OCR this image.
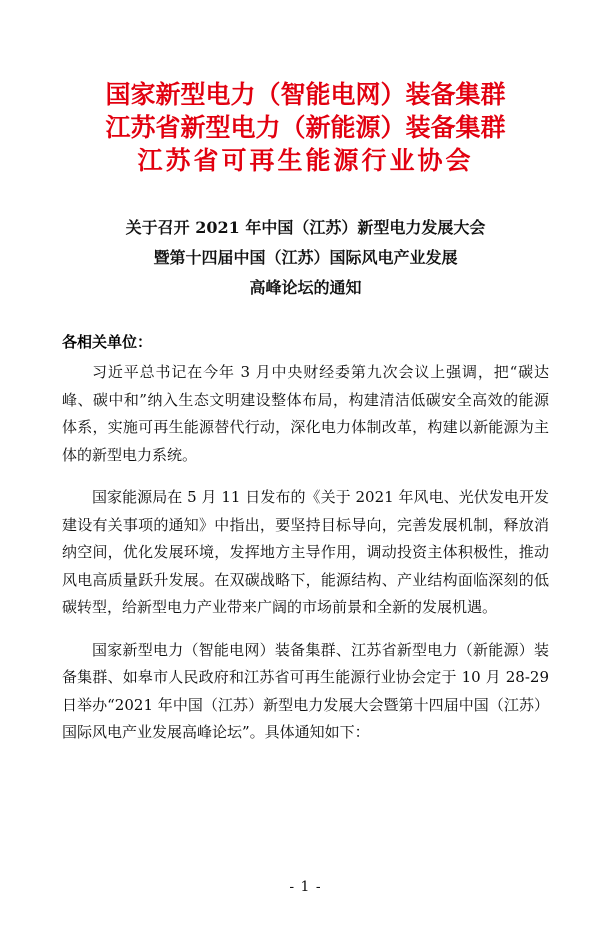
国家新型电力（智能电网）装备集群
江苏省新型电力（新能源）装备集群
江苏省可再生能源行业协会
关于召开 2021 年中国（江苏）新型电力发展大会
暨第十四届中国（江苏）国际风电产业发展
高峰论坛的通知
各相关单位：

习近平总书记在今年 3 月中央财经委第九次会议上强调，把“碳达峰、碳中和”纳入生态文明建设整体布局，构建清洁低碳安全高效的能源体系，实施可再生能源替代行动，深化电力体制改革，构建以新能源为主体的新型电力系统。

国家能源局在 5 月 11 日发布的《关于 2021 年风电、光伏发电开发建设有关事项的通知》中指出，要坚持目标导向，完善发展机制，释放消纳空间，优化发展环境，发挥地方主导作用，调动投资主体积极性，推动风电高质量跃升发展。在双碳战略下，能源结构、产业结构面临深刻的低碳转型，给新型电力产业带来广阔的市场前景和全新的发展机遇。

国家新型电力（智能电网）装备集群、江苏省新型电力（新能源）装备集群、如皋市人民政府和江苏省可再生能源行业协会定于 10 月 28-29 日举办“2021 年中国（江苏）新型电力发展大会暨第十四届中国（江苏）国际风电产业发展高峰论坛”。具体通知如下：

- 1 -
